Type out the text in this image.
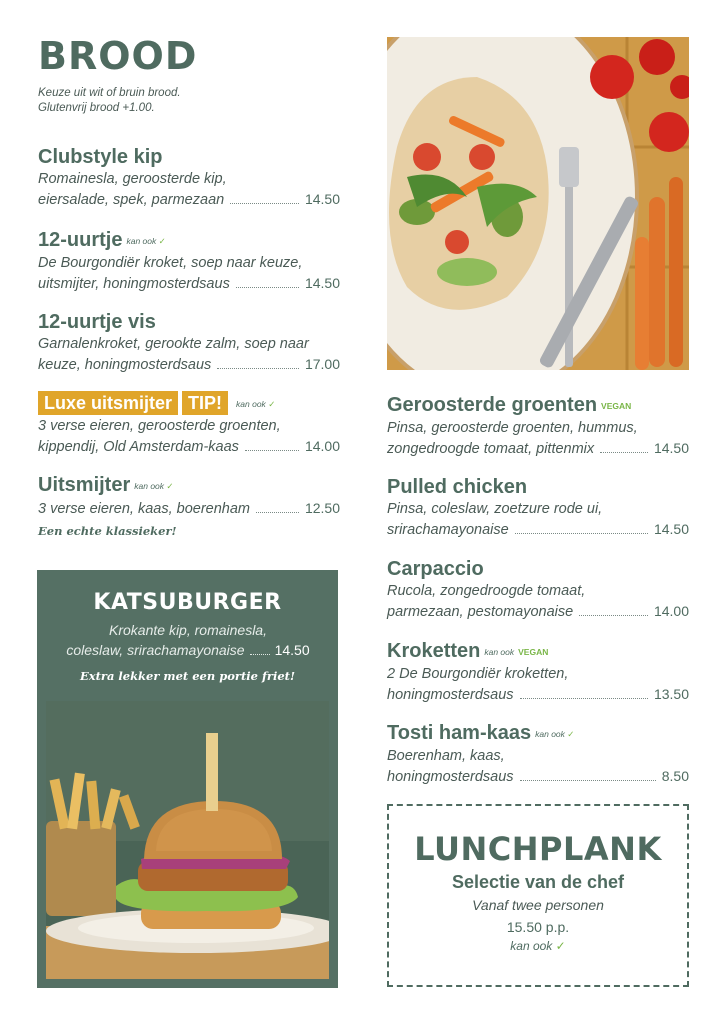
BROOD
Keuze uit wit of bruin brood.
Glutenvrij brood +1.00.
Clubstyle kip
Romainesla, geroosterde kip,
eiersalade, spek, parmezaan	14.50
12-uurtje kan ook ✓
De Bourgondiër kroket, soep naar keuze,
uitsmijter, honingmosterdsaus	14.50
12-uurtje vis
Garnalenkroket, gerookte zalm, soep naar
keuze, honingmosterdsaus	17.00
Luxe uitsmijter TIP! kan ook ✓
3 verse eieren, geroosterde groenten,
kippendij, Old Amsterdam-kaas	14.00
Uitsmijter kan ook ✓
3 verse eieren, kaas, boerenham	12.50
Een echte klassieker!
KATSUBURGER
Krokante kip, romainesla,
coleslaw, srirachamayonaise 14.50
Extra lekker met een portie friet!
Geroosterde groenten VEGAN
Pinsa, geroosterde groenten, hummus,
zongedroogde tomaat, pittenmix	14.50
Pulled chicken
Pinsa, coleslaw, zoetzure rode ui,
srirachamayonaise	14.50
Carpaccio
Rucola, zongedroogde tomaat,
parmezaan, pestomayonaise	14.00
Kroketten kan ook VEGAN
2 De Bourgondiër kroketten,
honingmosterdsaus	13.50
Tosti ham-kaas kan ook ✓
Boerenham, kaas,
honingmosterdsaus	8.50
LUNCHPLANK
Selectie van de chef
Vanaf twee personen
15.50 p.p.
kan ook ✓
